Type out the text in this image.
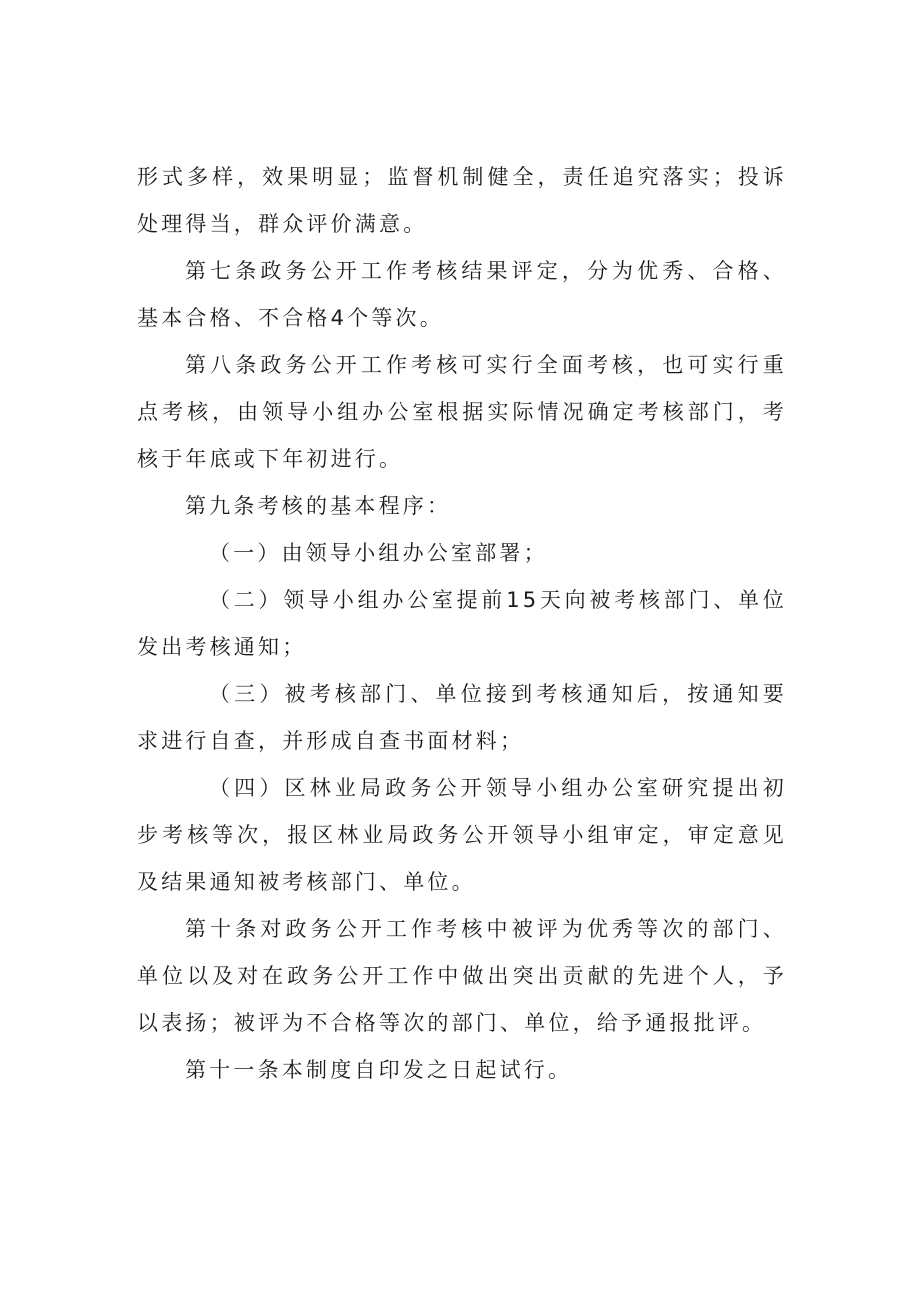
形式多样，效果明显；监督机制健全，责任追究落实；投诉处理得当，群众评价满意。

第七条政务公开工作考核结果评定，分为优秀、合格、基本合格、不合格4个等次。

第八条政务公开工作考核可实行全面考核，也可实行重点考核，由领导小组办公室根据实际情况确定考核部门，考核于年底或下年初进行。

第九条考核的基本程序：

（一）由领导小组办公室部署；

（二）领导小组办公室提前15天向被考核部门、单位发出考核通知；

（三）被考核部门、单位接到考核通知后，按通知要求进行自查，并形成自查书面材料；

（四）区林业局政务公开领导小组办公室研究提出初步考核等次，报区林业局政务公开领导小组审定，审定意见及结果通知被考核部门、单位。

第十条对政务公开工作考核中被评为优秀等次的部门、单位以及对在政务公开工作中做出突出贡献的先进个人，予以表扬；被评为不合格等次的部门、单位，给予通报批评。

第十一条本制度自印发之日起试行。
